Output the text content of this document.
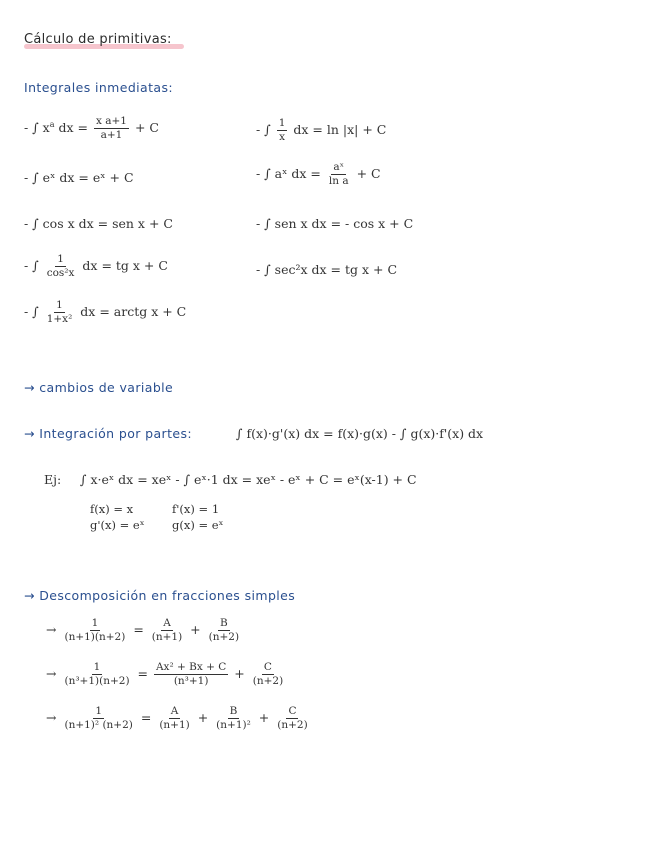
Cálculo de primitivas:
Integrales inmediatas:
- ∫ $x^a$ dx = $\frac{\text{x a+1}}{a+1} + C$
- ∫ eˣ dx = eˣ + C
- ∫ cos x dx = sen x + C
- ∫ $\frac{1}{\text{cos²x}}$ dx = tg x + C
- ∫ $\frac{1}{\text{1+x²}}$ dx = arctg x + C
- ∫ $\frac{1}{x}$ dx = ln |x| + C
- ∫ aˣ dx = $\frac{\text{aˣ}}{\text{ln a}} + C$
- ∫ sen x dx = - cos x + C
- ∫ sec²x dx = tg x + C
→ cambios de variable
→ Integración por partes:	∫ f(x)·g'(x) dx = f(x)·g(x) - ∫ g(x)·f'(x) dx
Ej: ∫ x·eˣ dx = xeˣ - ∫ eˣ·1 dx = xeˣ - eˣ + C = eˣ(x-1) + C
f(x) = x
g'(x) = eˣ
f'(x) = 1
g(x) = eˣ
→ Descomposición en fracciones simples
→ $\frac{1}{(n+1)(n+2)} = \frac{A}{(n+1)} + \frac{B}{(n+2)}$
→ $\frac{1}{\text{(n³+1)(n+2)}} = \frac{\text{Ax² + Bx + C}}{\text{(n³+1)}} + \frac{C}{(n+2)}$
→ $\frac{1}{\text{(n+1)² (n+2)}} = \frac{A}{(n+1)} + \frac{B}{\text{(n+1)²}} + \frac{C}{(n+2)}$
